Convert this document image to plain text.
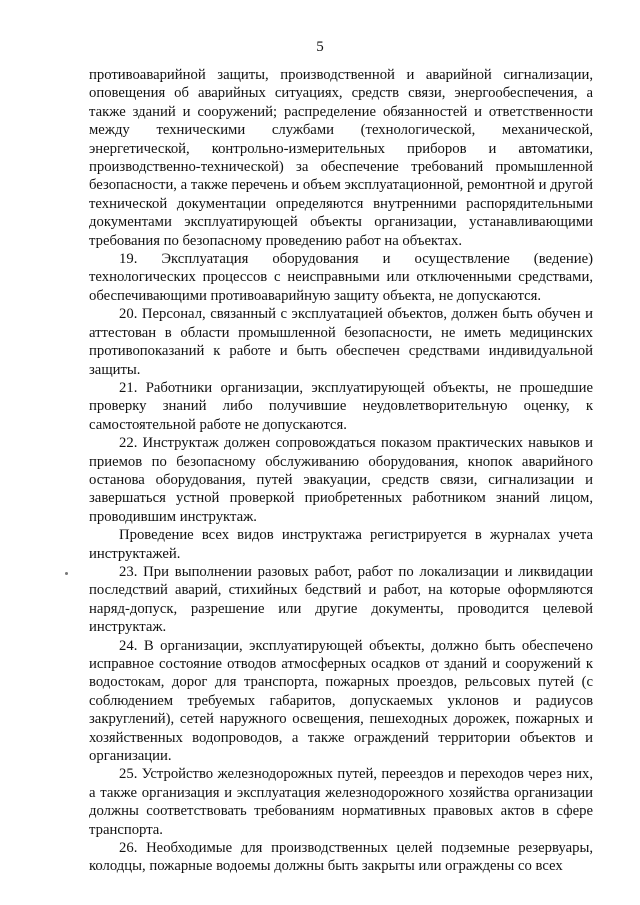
5

противоаварийной защиты, производственной и аварийной сигнализации, оповещения об аварийных ситуациях, средств связи, энергообеспечения, а также зданий и сооружений; распределение обязанностей и ответственности между техническими службами (технологической, механической, энергетической, контрольно-измерительных приборов и автоматики, производственно-технической) за обеспечение требований промышленной безопасности, а также перечень и объем эксплуатационной, ремонтной и другой технической документации определяются внутренними распорядительными документами эксплуатирующей объекты организации, устанавливающими требования по безопасному проведению работ на объектах.

19. Эксплуатация оборудования и осуществление (ведение) технологических процессов с неисправными или отключенными средствами, обеспечивающими противоаварийную защиту объекта, не допускаются.

20. Персонал, связанный с эксплуатацией объектов, должен быть обучен и аттестован в области промышленной безопасности, не иметь медицинских противопоказаний к работе и быть обеспечен средствами индивидуальной защиты.

21. Работники организации, эксплуатирующей объекты, не прошедшие проверку знаний либо получившие неудовлетворительную оценку, к самостоятельной работе не допускаются.

22. Инструктаж должен сопровождаться показом практических навыков и приемов по безопасному обслуживанию оборудования, кнопок аварийного останова оборудования, путей эвакуации, средств связи, сигнализации и завершаться устной проверкой приобретенных работником знаний лицом, проводившим инструктаж.

Проведение всех видов инструктажа регистрируется в журналах учета инструктажей.

23. При выполнении разовых работ, работ по локализации и ликвидации последствий аварий, стихийных бедствий и работ, на которые оформляются наряд-допуск, разрешение или другие документы, проводится целевой инструктаж.

24. В организации, эксплуатирующей объекты, должно быть обеспечено исправное состояние отводов атмосферных осадков от зданий и сооружений к водостокам, дорог для транспорта, пожарных проездов, рельсовых путей (с соблюдением требуемых габаритов, допускаемых уклонов и радиусов закруглений), сетей наружного освещения, пешеходных дорожек, пожарных и хозяйственных водопроводов, а также ограждений территории объектов и организации.

25. Устройство железнодорожных путей, переездов и переходов через них, а также организация и эксплуатация железнодорожного хозяйства организации должны соответствовать требованиям нормативных правовых актов в сфере транспорта.

26. Необходимые для производственных целей подземные резервуары, колодцы, пожарные водоемы должны быть закрыты или ограждены со всех
